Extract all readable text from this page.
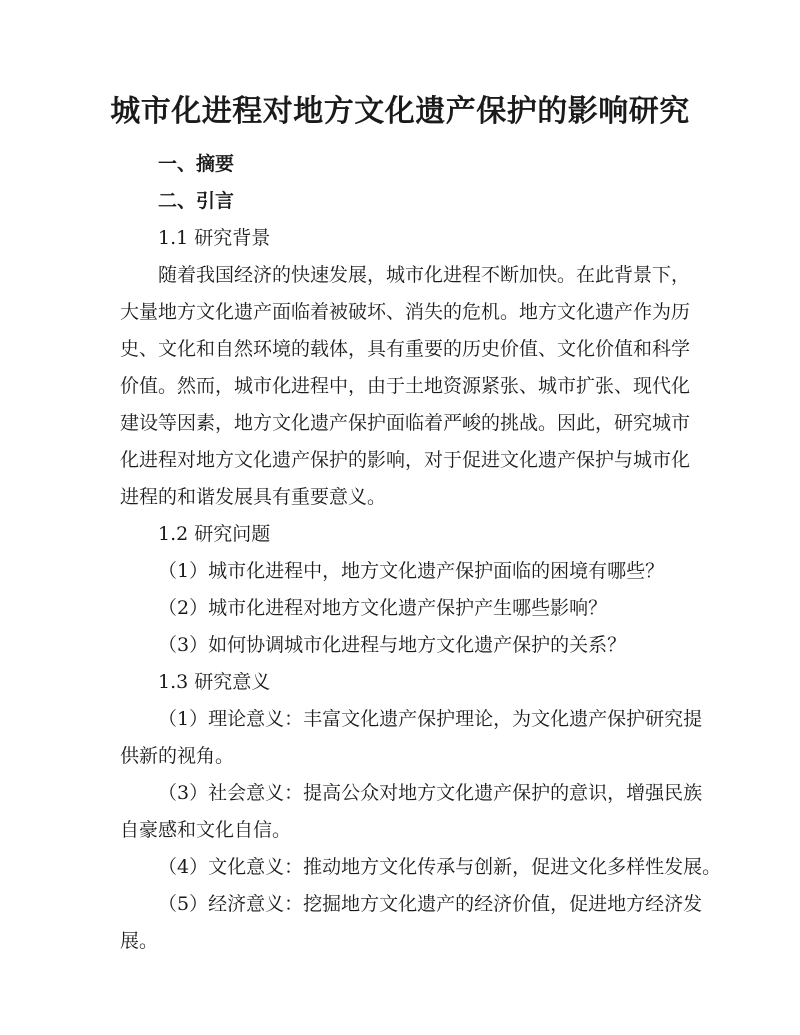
城市化进程对地方文化遗产保护的影响研究
一、摘要
二、引言
1.1 研究背景
随着我国经济的快速发展，城市化进程不断加快。在此背景下，
大量地方文化遗产面临着被破坏、消失的危机。地方文化遗产作为历
史、文化和自然环境的载体，具有重要的历史价值、文化价值和科学
价值。然而，城市化进程中，由于土地资源紧张、城市扩张、现代化
建设等因素，地方文化遗产保护面临着严峻的挑战。因此，研究城市
化进程对地方文化遗产保护的影响，对于促进文化遗产保护与城市化
进程的和谐发展具有重要意义。
1.2 研究问题
（1）城市化进程中，地方文化遗产保护面临的困境有哪些？
（2）城市化进程对地方文化遗产保护产生哪些影响？
（3）如何协调城市化进程与地方文化遗产保护的关系？
1.3 研究意义
（1）理论意义：丰富文化遗产保护理论，为文化遗产保护研究提
供新的视角。
（3）社会意义：提高公众对地方文化遗产保护的意识，增强民族
自豪感和文化自信。
（4）文化意义：推动地方文化传承与创新，促进文化多样性发展。
（5）经济意义：挖掘地方文化遗产的经济价值，促进地方经济发
展。
